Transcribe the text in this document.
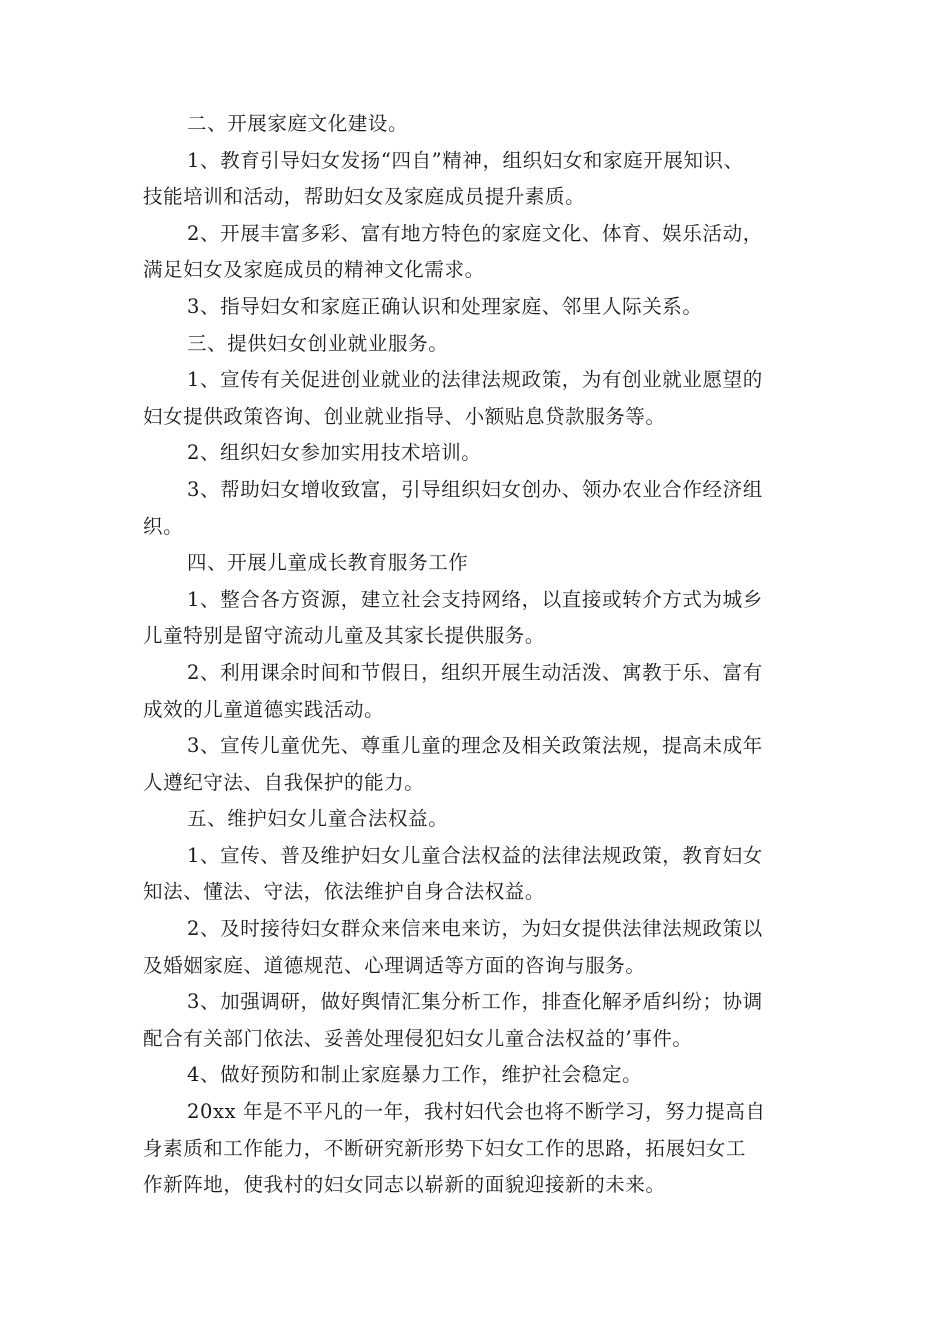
二、开展家庭文化建设。

1、教育引导妇女发扬“四自”精神，组织妇女和家庭开展知识、
技能培训和活动，帮助妇女及家庭成员提升素质。

2、开展丰富多彩、富有地方特色的家庭文化、体育、娱乐活动，
满足妇女及家庭成员的精神文化需求。

3、指导妇女和家庭正确认识和处理家庭、邻里人际关系。

三、提供妇女创业就业服务。

1、宣传有关促进创业就业的法律法规政策，为有创业就业愿望的
妇女提供政策咨询、创业就业指导、小额贴息贷款服务等。

2、组织妇女参加实用技术培训。

3、帮助妇女增收致富，引导组织妇女创办、领办农业合作经济组
织。

四、开展儿童成长教育服务工作

1、整合各方资源，建立社会支持网络，以直接或转介方式为城乡
儿童特别是留守流动儿童及其家长提供服务。

2、利用课余时间和节假日，组织开展生动活泼、寓教于乐、富有
成效的儿童道德实践活动。

3、宣传儿童优先、尊重儿童的理念及相关政策法规，提高未成年
人遵纪守法、自我保护的能力。

五、维护妇女儿童合法权益。

1、宣传、普及维护妇女儿童合法权益的法律法规政策，教育妇女
知法、懂法、守法，依法维护自身合法权益。

2、及时接待妇女群众来信来电来访，为妇女提供法律法规政策以
及婚姻家庭、道德规范、心理调适等方面的咨询与服务。

3、加强调研，做好舆情汇集分析工作，排查化解矛盾纠纷；协调
配合有关部门依法、妥善处理侵犯妇女儿童合法权益的’事件。

4、做好预防和制止家庭暴力工作，维护社会稳定。

20xx 年是不平凡的一年，我村妇代会也将不断学习，努力提高自
身素质和工作能力，不断研究新形势下妇女工作的思路，拓展妇女工
作新阵地，使我村的妇女同志以崭新的面貌迎接新的未来。
